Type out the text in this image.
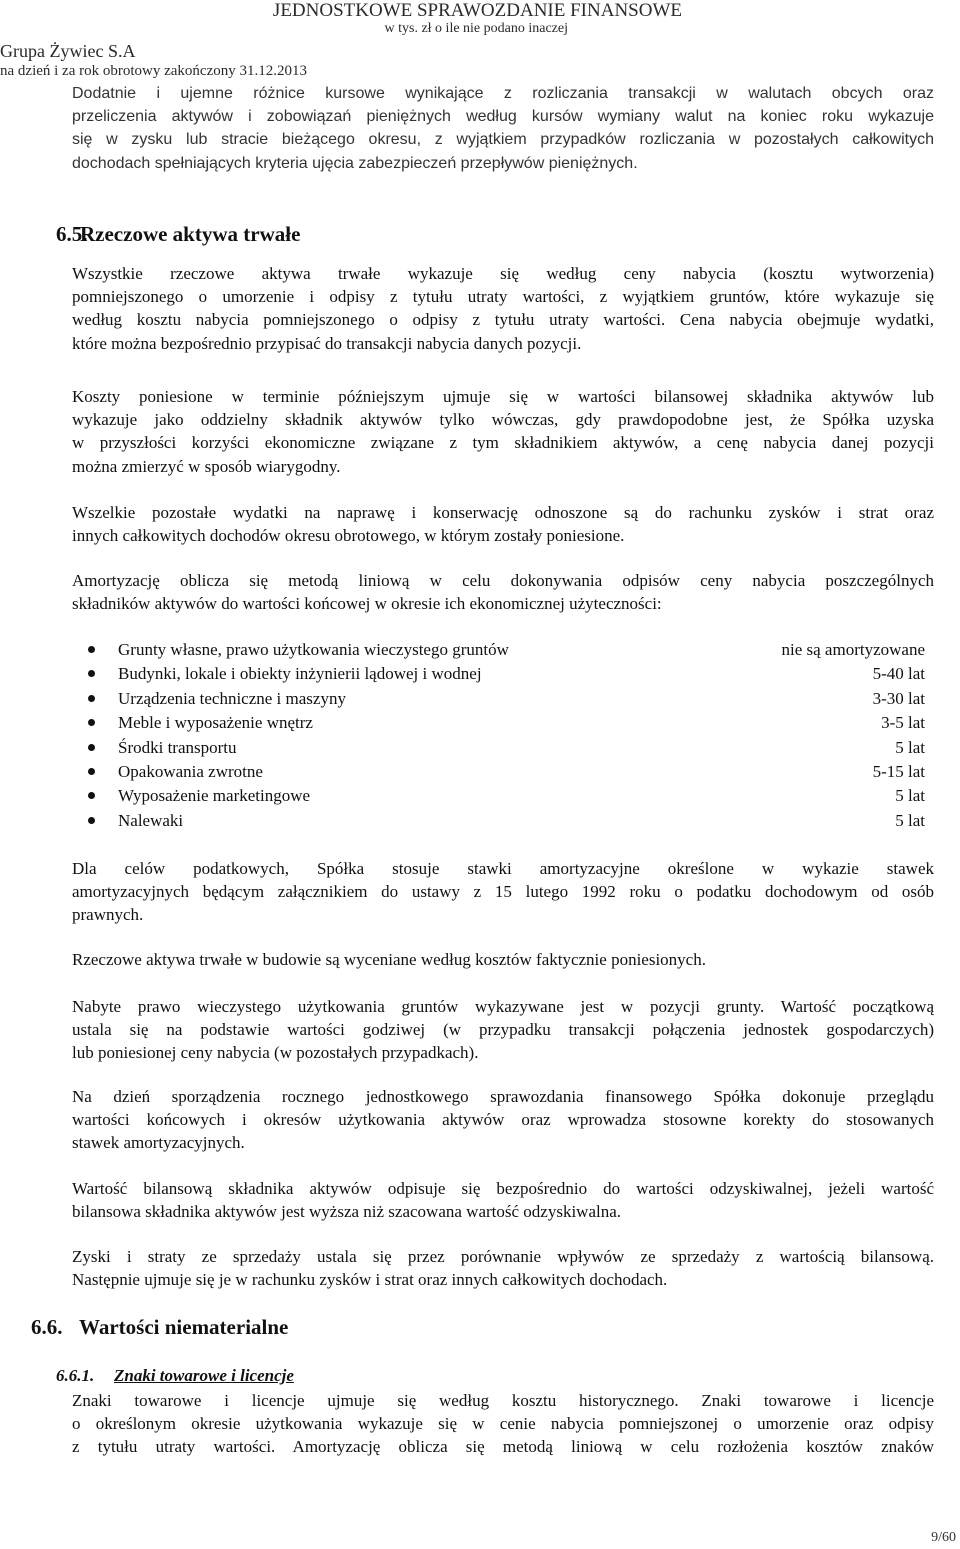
JEDNOSTKOWE SPRAWOZDANIE FINANSOWE
w tys. zł o ile nie podano inaczej
Grupa Żywiec S.A
na dzień i za rok obrotowy zakończony 31.12.2013
Dodatnie i ujemne różnice kursowe wynikające z rozliczania transakcji w walutach obcych oraz
przeliczenia aktywów i zobowiązań pieniężnych według kursów wymiany walut na koniec roku wykazuje
się w zysku lub stracie bieżącego okresu, z wyjątkiem przypadków rozliczania w pozostałych całkowitych
dochodach spełniających kryteria ujęcia zabezpieczeń przepływów pieniężnych.
6.5.Rzeczowe aktywa trwałe
Wszystkie rzeczowe aktywa trwałe wykazuje się według ceny nabycia (kosztu wytworzenia)
pomniejszonego o umorzenie i odpisy z tytułu utraty wartości, z wyjątkiem gruntów, które wykazuje się
według kosztu nabycia pomniejszonego o odpisy z tytułu utraty wartości. Cena nabycia obejmuje wydatki,
które można bezpośrednio przypisać do transakcji nabycia danych pozycji.
Koszty poniesione w terminie późniejszym ujmuje się w wartości bilansowej składnika aktywów lub
wykazuje jako oddzielny składnik aktywów tylko wówczas, gdy prawdopodobne jest, że Spółka uzyska
w przyszłości korzyści ekonomiczne związane z tym składnikiem aktywów, a cenę nabycia danej pozycji
można zmierzyć w sposób wiarygodny.
Wszelkie pozostałe wydatki na naprawę i konserwację odnoszone są do rachunku zysków i strat oraz
innych całkowitych dochodów okresu obrotowego, w którym zostały poniesione.
Amortyzację oblicza się metodą liniową w celu dokonywania odpisów ceny nabycia poszczególnych
składników aktywów do wartości końcowej w okresie ich ekonomicznej użyteczności:
Grunty własne, prawo użytkowania wieczystego gruntów	nie są amortyzowane
Budynki, lokale i obiekty inżynierii lądowej i wodnej	5-40 lat
Urządzenia techniczne i maszyny	3-30 lat
Meble i wyposażenie wnętrz	3-5 lat
Środki transportu	5 lat
Opakowania zwrotne	5-15 lat
Wyposażenie marketingowe	5 lat
Nalewaki	5 lat
Dla celów podatkowych, Spółka stosuje stawki amortyzacyjne określone w wykazie stawek
amortyzacyjnych będącym załącznikiem do ustawy z 15 lutego 1992 roku o podatku dochodowym od osób
prawnych.
Rzeczowe aktywa trwałe w budowie są wyceniane według kosztów faktycznie poniesionych.
Nabyte prawo wieczystego użytkowania gruntów wykazywane jest w pozycji grunty. Wartość początkową
ustala się na podstawie wartości godziwej (w przypadku transakcji połączenia jednostek gospodarczych)
lub poniesionej ceny nabycia (w pozostałych przypadkach).
Na dzień sporządzenia rocznego jednostkowego sprawozdania finansowego Spółka dokonuje przeglądu
wartości końcowych i okresów użytkowania aktywów oraz wprowadza stosowne korekty do stosowanych
stawek amortyzacyjnych.
Wartość bilansową składnika aktywów odpisuje się bezpośrednio do wartości odzyskiwalnej, jeżeli wartość
bilansowa składnika aktywów jest wyższa niż szacowana wartość odzyskiwalna.
Zyski i straty ze sprzedaży ustala się przez porównanie wpływów ze sprzedaży z wartością bilansową.
Następnie ujmuje się je w rachunku zysków i strat oraz innych całkowitych dochodach.
6.6. Wartości niematerialne
6.6.1. Znaki towarowe i licencje
Znaki towarowe i licencje ujmuje się według kosztu historycznego. Znaki towarowe i licencje
o określonym okresie użytkowania wykazuje się w cenie nabycia pomniejszonej o umorzenie oraz odpisy
z tytułu utraty wartości. Amortyzację oblicza się metodą liniową w celu rozłożenia kosztów znaków
9/60
